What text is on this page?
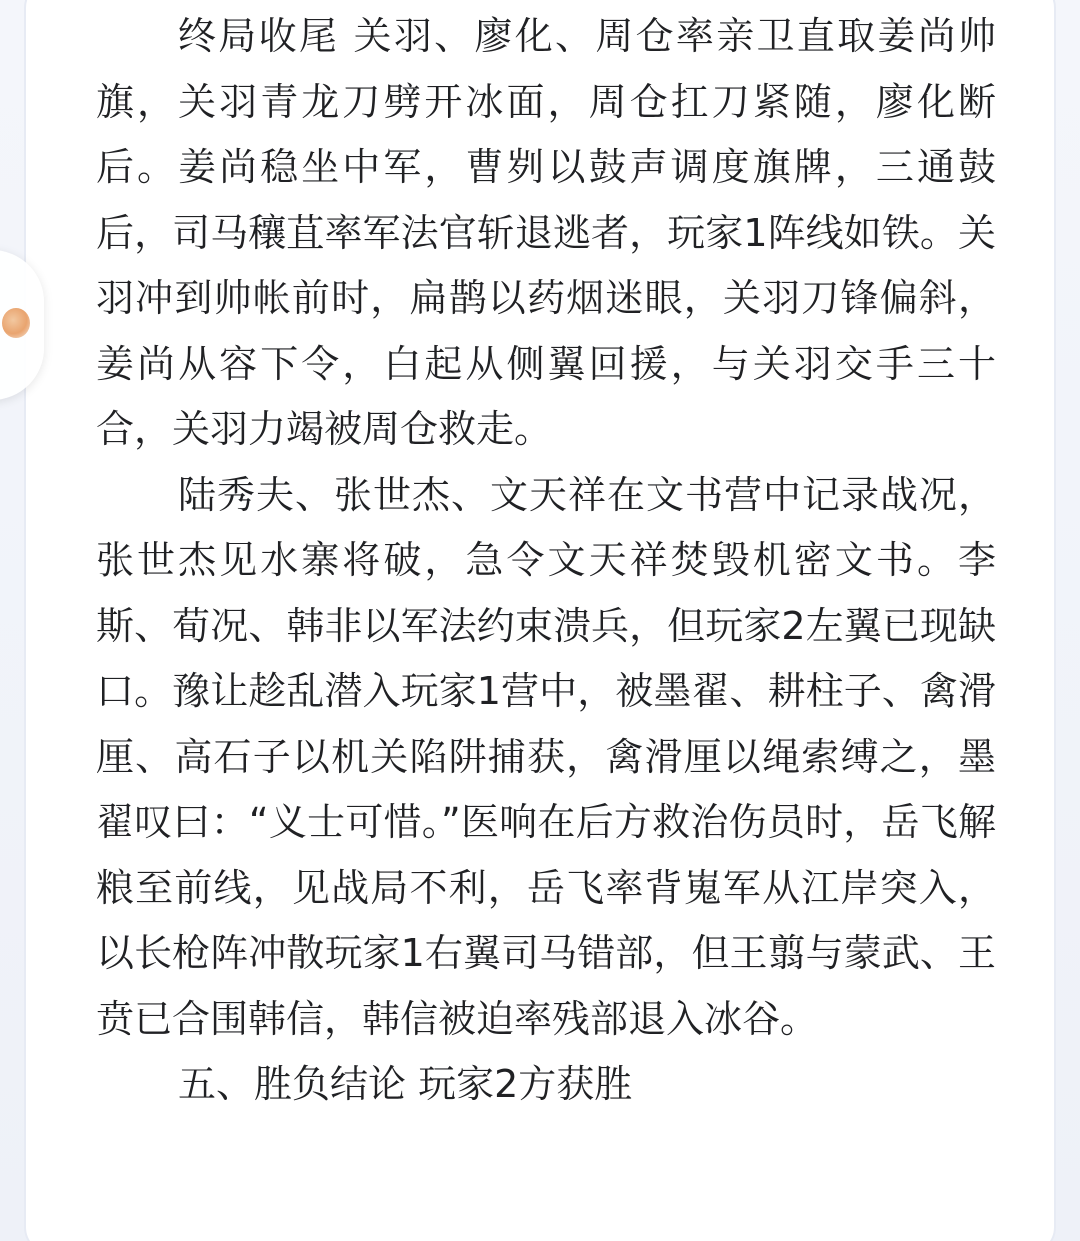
终局收尾 关羽、廖化、周仓率亲卫直取姜尚帅旗，关羽青龙刀劈开冰面，周仓扛刀紧随，廖化断后。姜尚稳坐中军，曹刿以鼓声调度旗牌，三通鼓后，司马穰苴率军法官斩退逃者，玩家1阵线如铁。关羽冲到帅帐前时，扁鹊以药烟迷眼，关羽刀锋偏斜，姜尚从容下令，白起从侧翼回援，与关羽交手三十合，关羽力竭被周仓救走。

陆秀夫、张世杰、文天祥在文书营中记录战况，张世杰见水寨将破，急令文天祥焚毁机密文书。李斯、荀况、韩非以军法约束溃兵，但玩家2左翼已现缺口。豫让趁乱潜入玩家1营中，被墨翟、耕柱子、禽滑厘、高石子以机关陷阱捕获，禽滑厘以绳索缚之，墨翟叹曰：“义士可惜。”医响在后方救治伤员时，岳飞解粮至前线，见战局不利，岳飞率背嵬军从江岸突入，以长枪阵冲散玩家1右翼司马错部，但王翦与蒙武、王贲已合围韩信，韩信被迫率残部退入冰谷。

五、胜负结论 玩家2方获胜
